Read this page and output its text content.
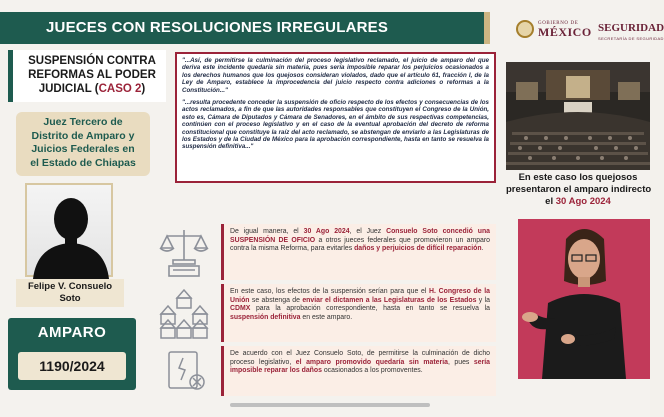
JUECES CON RESOLUCIONES IRREGULARES	GOBIERNO DE
MÉXICO SEGURIDAD
SECRETARÍA DE SEGURIDAD
SUSPENSIÓN CONTRA
REFORMAS AL PODER
JUDICIAL (CASO 2)
Juez Tercero de
Distrito de Amparo y
Juicios Federales en
el Estado de Chiapas
Felipe V. Consuelo
Soto
AMPARO
1190/2024

"...Así, de permitirse la culminación del proceso legislativo reclamado, el juicio de amparo del que deriva este incidente quedaría sin materia, pues sería imposible reparar los perjuicios ocasionados a los derechos humanos que los quejosos consideran violados, dado que el artículo 61, fracción I, de la Ley de Amparo, establece la improcedencia del juicio respecto contra adiciones o reformas a la Constitución..."

"...resulta procedente conceder la suspensión de oficio respecto de los efectos y consecuencias de los actos reclamados, a fin de que las autoridades responsables que constituyen el Congreso de la Unión, esto es, Cámara de Diputados y Cámara de Senadores, en el ámbito de sus respectivas competencias, continúen con el proceso legislativo y en el caso de la eventual aprobación del decreto de reforma constitucional que constituye la raíz del acto reclamado, se abstengan de enviarlo a las Legislaturas de los Estados y de la Ciudad de México para la aprobación correspondiente, hasta en tanto se resuelva la suspensión definitiva..."

De igual manera, el 30 Ago 2024, el Juez Consuelo Soto concedió una SUSPENSIÓN DE OFICIO a otros jueces federales que promovieron un amparo contra la misma Reforma, para evitarles daños y perjuicios de difícil reparación.

En este caso, los efectos de la suspensión serían para que el H. Congreso de la Unión se abstenga de enviar el dictamen a las Legislaturas de los Estados y la CDMX para la aprobación correspondiente, hasta en tanto se resuelva la suspensión definitiva en este amparo.

De acuerdo con el Juez Consuelo Soto, de permitirse la culminación de dicho proceso legislativo, el amparo promovido quedaría sin materia, pues sería imposible reparar los daños ocasionados a los promoventes.

En este caso los quejosos
presentaron el amparo indirecto
el 30 Ago 2024
